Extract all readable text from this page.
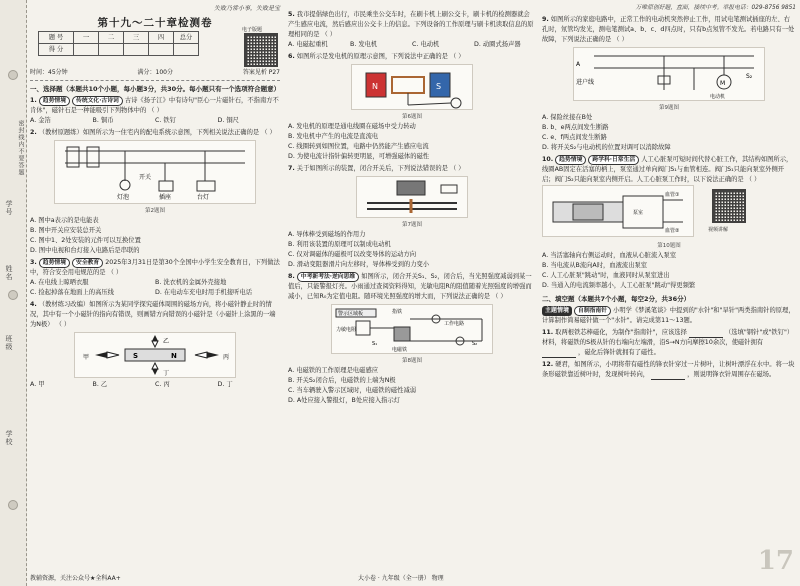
学号
姓名
班级
学校
密封线内不要答题
失败乃常小事，失败是宝
第十九～二十章检测卷
题 号	一	二	三	四	总分
得 分					
电子版题
时间：45分钟	满分：100分	答案见析 P27
一、选择题（本题共10个小题，每小题3分，共30分。每小题只有一个选项符合题意）
1. 趋势情境 传统文化·古诗词 古诗《扬子江》中有诗句"臣心一片磁针石，不指南方不肯休"，磁针石是一种能吸引下列物体中的 （ ）
A. 金箔	B. 铜币	C. 铁钉	D. 铜尺
2. （教材原题练）如图所示为一住宅内的配电系统示意图，下列相关说法正确的是 （ ）
灯泡
开关
台灯
插座
第2题图
A. 图中a表示的是电能表
B. 图中开关应安装总开关
C. 图中1、2处安装的元件可以互换位置
D. 图中电视和台灯接入电路后是串联的
3. 趋势情境 安全教育 2025年3月31日是第30个全国中小学生安全教育日，下列做法中，符合安全用电规范的是 （ ）
A. 在电线上晾晒衣服	B. 洗衣机的金属外壳接地
C. 捡起掉落在地面上的高压线	D. 在电动车充电时用手机接听电话
4. （教材练习改编）如图所示为某同学探究磁体周围的磁场方向，将小磁针静止时的情况，其中有一个小磁针的指向有错误，则画错方向错误的小磁针是（小磁针上涂黑的一端为N极） （ ）
S	N
甲
乙
丙
丁
A. 甲	B. 乙	C. 丙	D. 丁
教辅资源，关注公众号★全科AA+
5. 我市提倡绿色出行，市民乘坐公交车时，在刷卡机上刷公交卡，刷卡机的检测器就会产生感应电流，然后感应出公交卡上的信息。下列设备的工作原理与刷卡机读取信息的原理相同的是 （ ）
A. 电磁起重机	B. 发电机	C. 电动机	D. 动圈式扬声器
6. 如图所示是发电机的原理示意图，下列说法中正确的是 （ ）
N	S
第6题图
A. 发电机的原理是通电线圈在磁场中受力转动
B. 发电机中产生的电流是直流电
C. 线圈转到如图位置，电路中仍然能产生感应电流
D. 为使电流计指针偏转更明显，可增强磁体的磁性
7. 关于如图所示的装置，闭合开关后，下列说法错误的是 （ ）
第7题图
A. 导体棒受到磁场的作用力
B. 利用该装置的原理可以制成电动机
C. 仅对调磁体的磁极可以改变导体的运动方向
D. 滑动变阻器滑片向左移时，导体棒受到的力变小
8. 中考新考法·逆向思维 如图所示，闭合开关S₁、S₂，闭合后，当光照强度减弱到某一值后，只能警报灯亮。小雨通过查阅资料得知，光敏电阻R的阻值随着光照强度的增强而减小，已知R₀为定值电阻。随环境光照强度的增大而，下列说法正确的是 （ ）
警示区域板	指铁
力敏电阻
工作电路
电磁铁
S₁	S₂
第8题图
A. 电磁铁的工作原理是电磁感应
B. 开关S₂闭合后，电磁铁的上端为N极
C. 当车辆驶入警示区域时，电磁铁的磁性减弱
D. A处应接入警报灯，B处应接入指示灯
大小卷 · 九年级（全一册） 物理
万唯原创好题，直面，接续中考。举报电话：029-8756 9851
9. 如图所示的家庭电路中，正常工作的电动机突然停止工作，用试电笔测试插座的左、右孔时，氖管均发光，测电笔测试a、b、c、d四点时，只有b点氖管不发光。若电路只有一处故障，下列说法正确的是 （ ）
A
进户线	M
电动机
S₂
第9题图
A. 保险丝接在B处
B. b、e两点间发生断路
C. e、f两点间发生断路
D. 将开关S₂与电动机的位置对调可以消除故障
10. 趋势情境 跨学科·日常生活 人工心脏泵可短时间代替心脏工作，其结构如图所示，线圈AB固定在活塞的柄上，泵室通过单向阀门S₁与血管相连。阀门S₁只能向泵室外侧开启；阀门S₂只能向泵室内侧开启。人工心脏泵工作时，以下说法正确的是 （ ）
血管①
血管②
泵室
视频讲解
第10题图
A. 当活塞轴向右侧运动时，血液从心脏流入泵室
B. 当电流从B流向A时，血液流出泵室
C. 人工心脏泵"跳动"时，血液同时从泵室进出
D. 当通入的电流频率越小，人工心脏泵"跳动"得更频繁
二、填空题（本题共7个小题，每空2分，共36分）
主题情境 自制指南针 小明学《梦溪笔谈》中提到的"水针"和"旱针"两类指南针的原理，计算制作简易磁针做一个"水针"。请完成第11～13题。
11. 取两根铁芯棒磁化，为制作"指南针"，应该选择	（选填"钢针"或"铁钉"）材料，将磁铁的S极从针的右端向左端滑，沿S→N方向摩擦10余次，使磁针拥有  ，磁化后锋针就拥有了磁性。
12. 硬君，如图所示，小明将带有磁性的锋衣针穿过一片树叶，让树叶漂浮在水中。将一块条形磁铁靠近树叶时，发现树叶转向，	，则说明锋衣针周围存在磁场。
17
